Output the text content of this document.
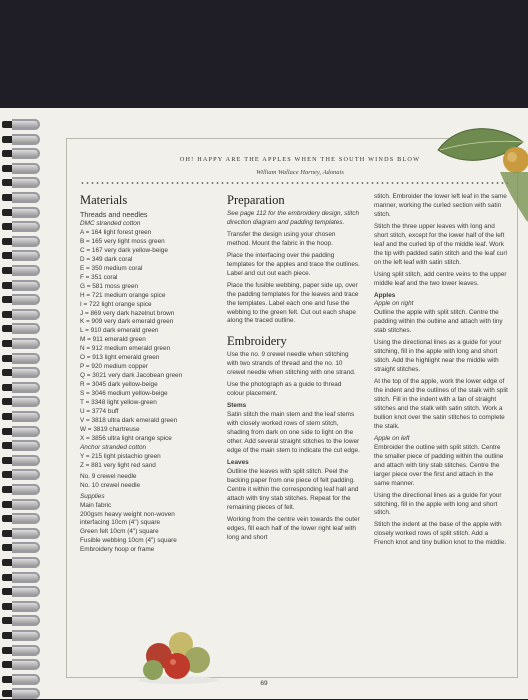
OH! HAPPY ARE THE APPLES WHEN THE SOUTH WINDS BLOW
William Wallace Harney, Adonais
Materials
Threads and needles
DMC stranded cotton
A = 164 light forest green
B = 165 very light moss green
C = 167 very dark yellow-beige
D = 349 dark coral
E = 350 medium coral
F = 351 coral
G = 581 moss green
H = 721 medium orange spice
I = 722 light orange spice
J = 869 very dark hazelnut brown
K = 909 very dark emerald green
L = 910 dark emerald green
M = 911 emerald green
N = 912 medium emerald green
O = 913 light emerald green
P = 920 medium copper
Q = 3021 very dark Jacobean green
R = 3045 dark yellow-beige
S = 3046 medium yellow-beige
T = 3348 light yellow-green
U = 3774 buff
V = 3818 ultra dark emerald green
W = 3819 chartreuse
X = 3856 ultra light orange spice
Anchor stranded cotton
Y = 215 light pistachio green
Z = 881 very light red sand
No. 9 crewel needle
No. 10 crewel needle
Supplies
Main fabric
200gsm heavy weight non-woven interfacing 10cm (4") square
Green felt 10cm (4") square
Fusible webbing 10cm (4") square
Embroidery hoop or frame
Preparation

See page 112 for the embroidery design, stitch direction diagram and padding templates.

Transfer the design using your chosen method. Mount the fabric in the hoop.

Place the interfacing over the padding templates for the apples and trace the outlines. Label and cut out each piece.

Place the fusible webbing, paper side up, over the padding templates for the leaves and trace the templates. Label each one and fuse the webbing to the green felt. Cut out each shape along the traced outline.

Embroidery

Use the no. 9 crewel needle when stitching with two strands of thread and the no. 10 crewel needle when stitching with one strand.

Use the photograph as a guide to thread colour placement.

Stems

Satin stitch the main stem and the leaf stems with closely worked rows of stem stitch, shading from dark on one side to light on the other. Add several straight stitches to the lower edge of the main stem to indicate the cut edge.

Leaves

Outline the leaves with split stitch. Peel the backing paper from one piece of felt padding. Centre it within the corresponding leaf hall and attach with tiny stab stitches. Repeat for the remaining pieces of felt.

Working from the centre vein towards the outer edges, fill each half of the lower right leaf with long and short

stitch. Embroider the lower left leaf in the same manner, working the curled section with satin stitch.

Stitch the three upper leaves with long and short stitch, except for the lower half of the left leaf and the curled tip of the middle leaf. Work the tip with padded satin stitch and the leaf curl on the left leaf with satin stitch.

Using split stitch, add centre veins to the upper middle leaf and the two lower leaves.

Apples
Apple on right

Outline the apple with split stitch. Centre the padding within the outline and attach with tiny stab stitches.

Using the directional lines as a guide for your stitching, fill in the apple with long and short stitch. Add the highlight near the middle with straight stitches.

At the top of the apple, work the lower edge of the indent and the outlines of the stalk with split stitch. Fill in the indent with a fan of straight stitches and the stalk with satin stitch. Work a bullion knot over the satin stitches to complete the stalk.

Apple on left

Embroider the outline with split stitch. Centre the smaller piece of padding within the outline and attach with tiny stab stitches. Centre the larger piece over the first and attach in the same manner.

Using the directional lines as a guide for your stitching, fill in the apple with long and short stitch.

Stitch the indent at the base of the apple with closely worked rows of split stitch. Add a French knot and tiny bullion knot to the middle.

69
